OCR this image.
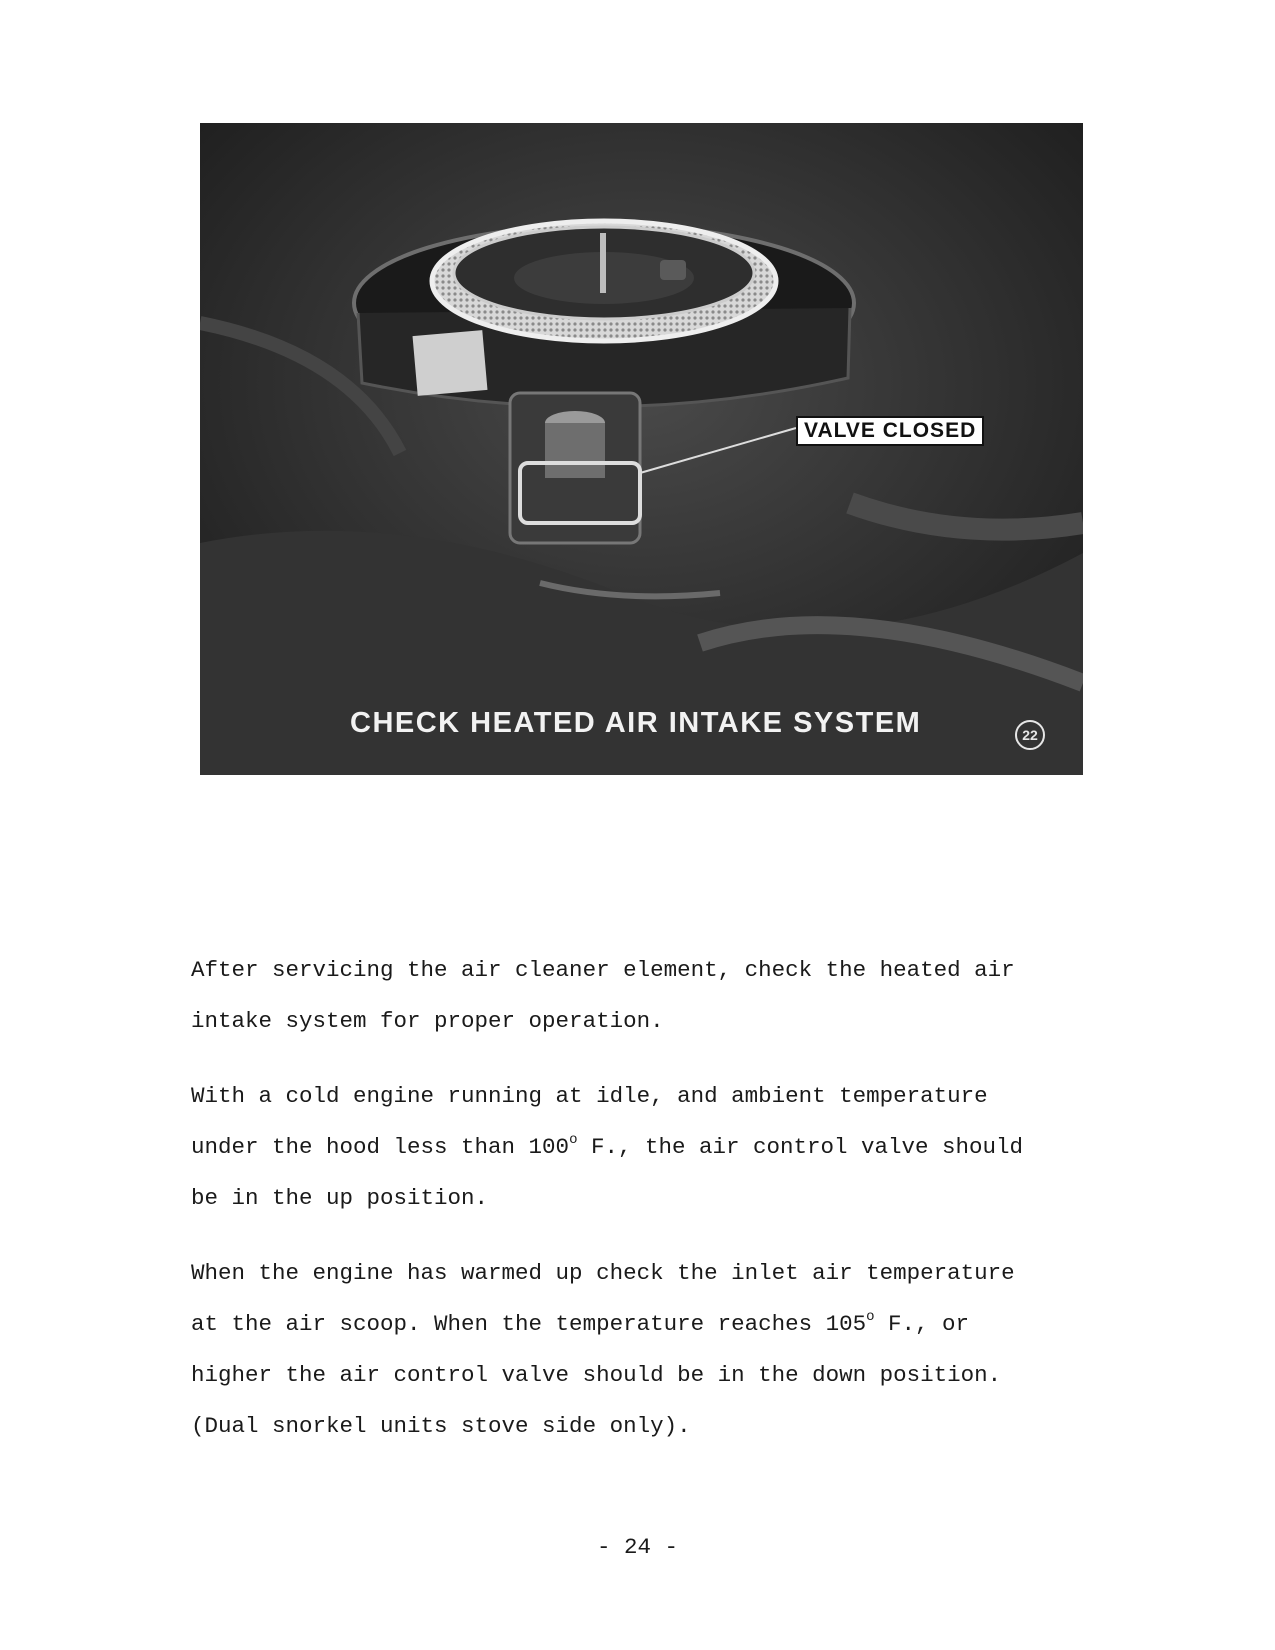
VALVE CLOSED
CHECK HEATED AIR INTAKE SYSTEM	22

After servicing the air cleaner element, check the heated air
intake system for proper operation.

With a cold engine running at idle, and ambient temperature
under the hood less than 100$^o$ F., the air control valve should
be in the up position.

When the engine has warmed up check the inlet air temperature
at the air scoop. When the temperature reaches 105$^o$ F., or
higher the air control valve should be in the down position.
(Dual snorkel units stove side only).

- 24 -
